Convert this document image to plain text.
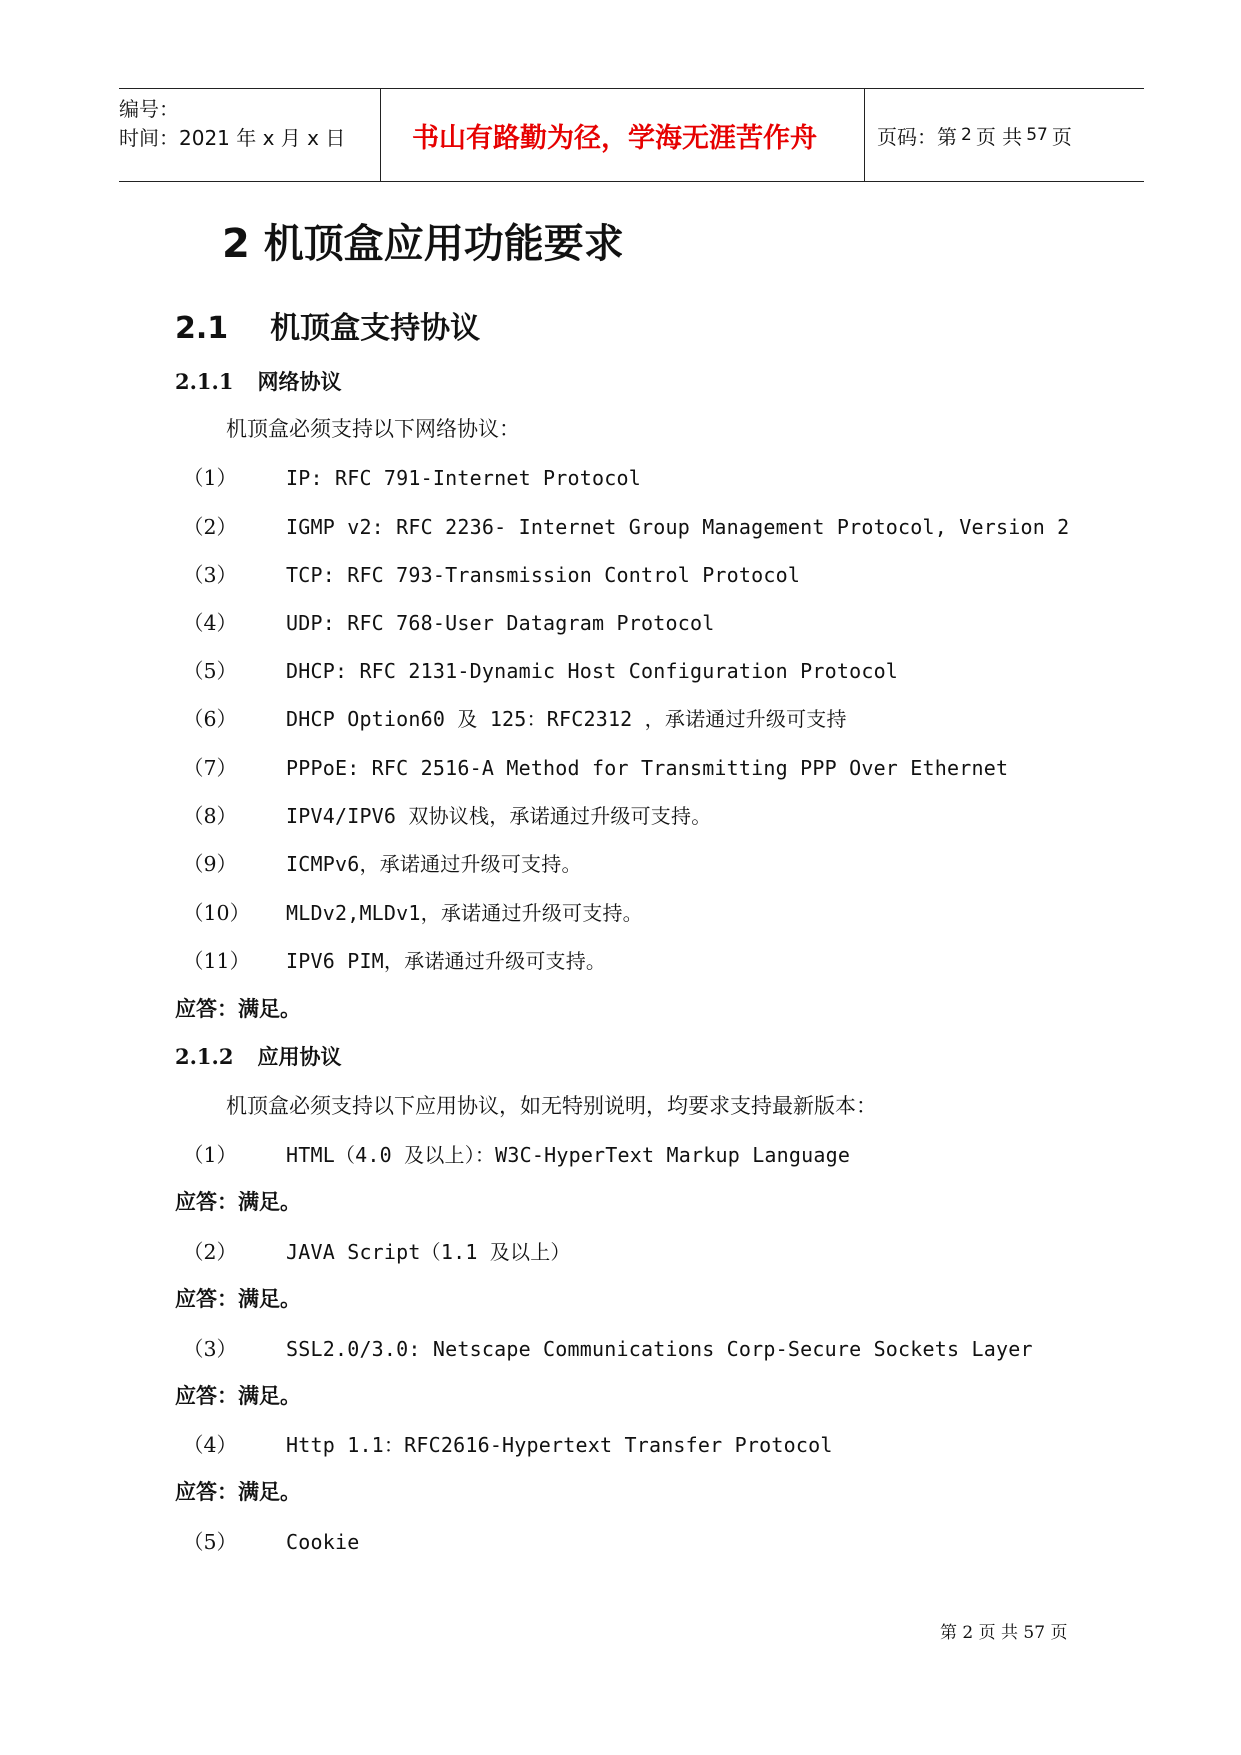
编号：
时间：2021 年 x 月 x 日	书山有路勤为径，学海无涯苦作舟	页码：第 2 页 共 57 页
2 机顶盒应用功能要求
2.1 机顶盒支持协议
2.1.1 网络协议

机顶盒必须支持以下网络协议：

（1） IP: RFC 791-Internet Protocol

（2） IGMP v2: RFC 2236- Internet Group Management Protocol, Version 2

（3） TCP: RFC 793-Transmission Control Protocol

（4） UDP: RFC 768-User Datagram Protocol

（5） DHCP: RFC 2131-Dynamic Host Configuration Protocol

（6） DHCP Option60 及 125：RFC2312 ，承诺通过升级可支持

（7） PPPoE: RFC 2516-A Method for Transmitting PPP Over Ethernet

（8） IPV4/IPV6 双协议栈，承诺通过升级可支持。

（9） ICMPv6，承诺通过升级可支持。

（10） MLDv2,MLDv1，承诺通过升级可支持。

（11） IPV6 PIM，承诺通过升级可支持。

应答：满足。

2.1.2 应用协议

机顶盒必须支持以下应用协议，如无特别说明，均要求支持最新版本：

（1） HTML（4.0 及以上）：W3C-HyperText Markup Language

应答：满足。

（2） JAVA Script（1.1 及以上）

应答：满足。

（3） SSL2.0/3.0: Netscape Communications Corp-Secure Sockets Layer

应答：满足。

（4） Http 1.1：RFC2616-Hypertext Transfer Protocol

应答：满足。

（5） Cookie

第 2 页 共 57 页
